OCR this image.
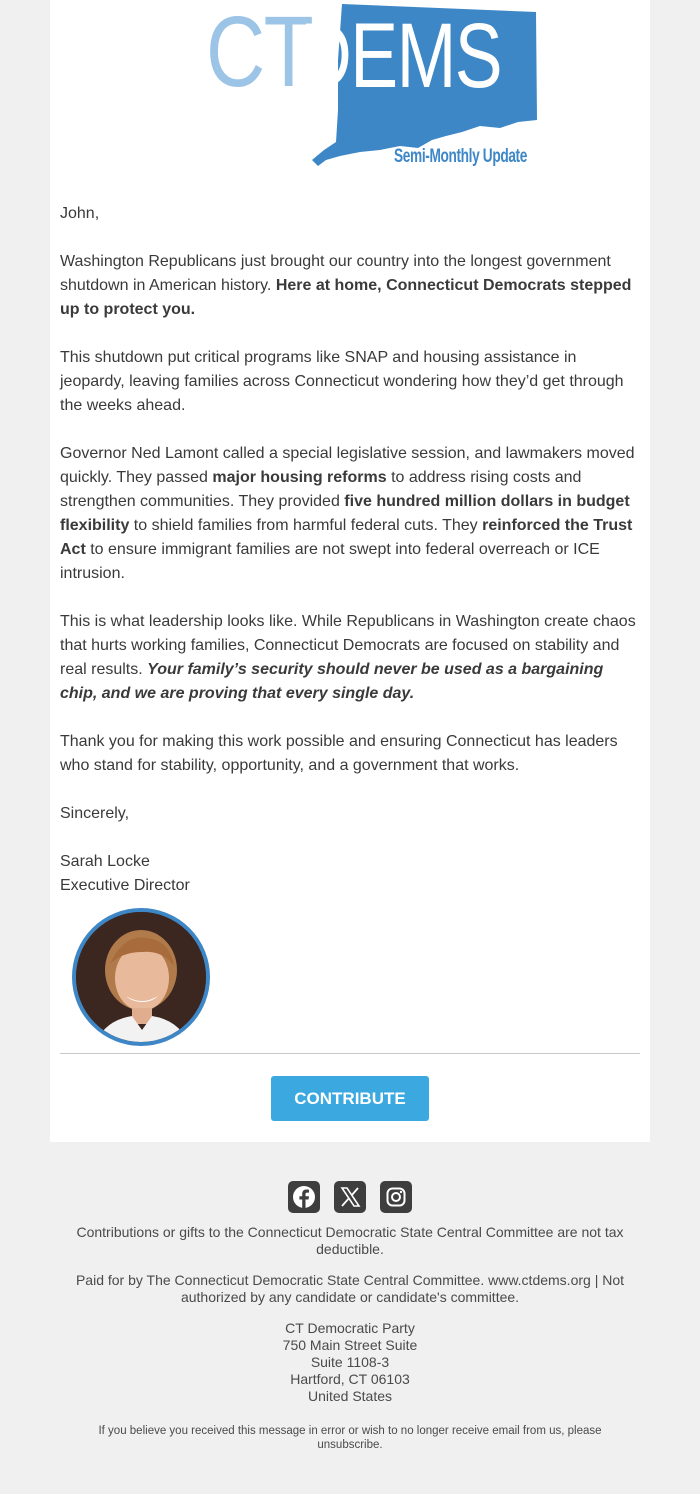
CT
DEMS
Semi-Monthly Update

John,

Washington Republicans just brought our country into the longest government shutdown in American history. Here at home, Connecticut Democrats stepped up to protect you.

This shutdown put critical programs like SNAP and housing assistance in jeopardy, leaving families across Connecticut wondering how they’d get through the weeks ahead.

Governor Ned Lamont called a special legislative session, and lawmakers moved quickly. They passed major housing reforms to address rising costs and strengthen communities. They provided five hundred million dollars in budget flexibility to shield families from harmful federal cuts. They reinforced the Trust Act to ensure immigrant families are not swept into federal overreach or ICE intrusion.

This is what leadership looks like. While Republicans in Washington create chaos that hurts working families, Connecticut Democrats are focused on stability and real results. Your family’s security should never be used as a bargaining chip, and we are proving that every single day.

Thank you for making this work possible and ensuring Connecticut has leaders who stand for stability, opportunity, and a government that works.

Sincerely,

Sarah Locke

Executive Director

CONTRIBUTE

Contributions or gifts to the Connecticut Democratic State Central Committee are not tax deductible.

Paid for by The Connecticut Democratic State Central Committee. www.ctdems.org | Not authorized by any candidate or candidate's committee.

CT Democratic Party

750 Main Street Suite

Suite 1108-3

Hartford, CT 06103

United States

If you believe you received this message in error or wish to no longer receive email from us, please unsubscribe.
